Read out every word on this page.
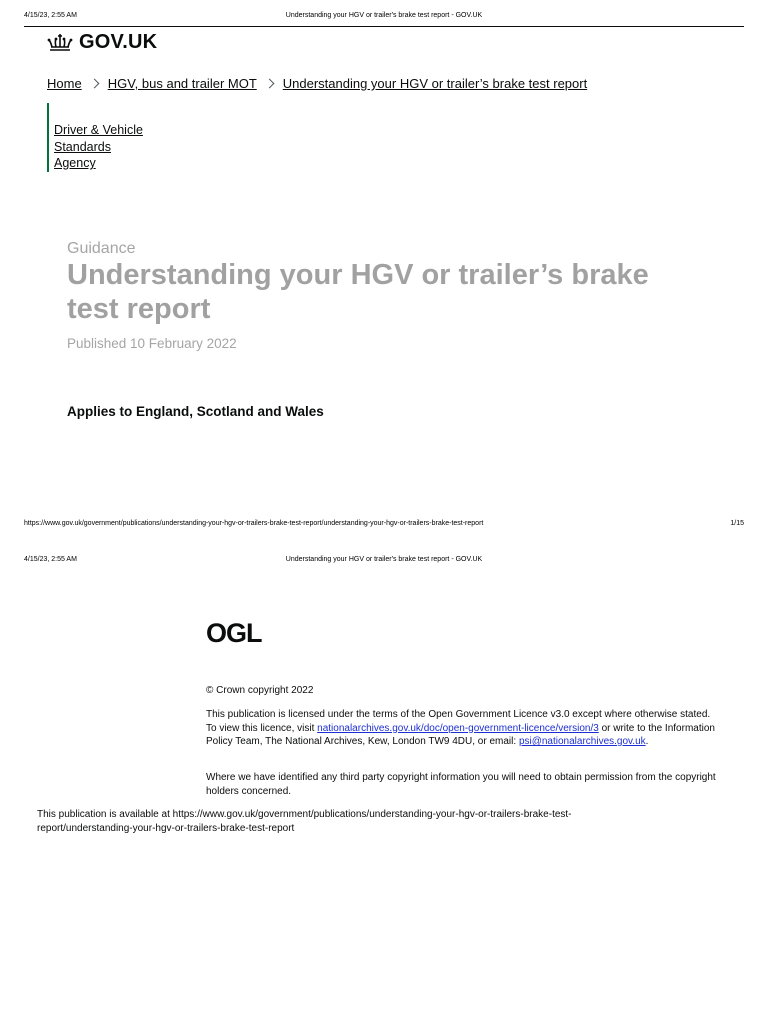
4/15/23, 2:55 AM	Understanding your HGV or trailer's brake test report - GOV.UK
GOV.UK
Home HGV, bus and trailer MOT Understanding your HGV or trailer’s brake test report
Driver & Vehicle
Standards
Agency
Guidance
Understanding your HGV or trailer’s brake test report
Published 10 February 2022
Applies to England, Scotland and Wales
https://www.gov.uk/government/publications/understanding-your-hgv-or-trailers-brake-test-report/understanding-your-hgv-or-trailers-brake-test-report	1/15
4/15/23, 2:55 AM	Understanding your HGV or trailer's brake test report - GOV.UK
OGL
© Crown copyright 2022
This publication is licensed under the terms of the Open Government Licence v3.0 except where otherwise stated. To view this licence, visit nationalarchives.gov.uk/doc/open-government-licence/version/3 or write to the Information Policy Team, The National Archives, Kew, London TW9 4DU, or email: psi@nationalarchives.gov.uk.
Where we have identified any third party copyright information you will need to obtain permission from the copyright holders concerned.
This publication is available at https://www.gov.uk/government/publications/understanding-your-hgv-or-trailers-brake-test-report/understanding-your-hgv-or-trailers-brake-test-report
